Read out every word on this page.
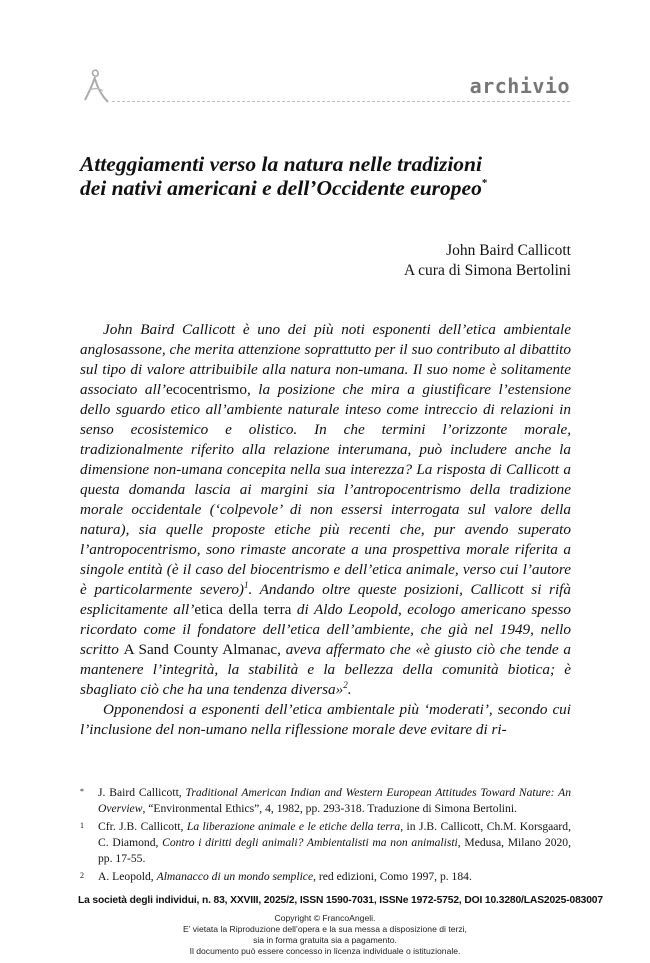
archivio
Atteggiamenti verso la natura nelle tradizioni
dei nativi americani e dell’Occidente europeo*
John Baird Callicott
A cura di Simona Bertolini

John Baird Callicott è uno dei più noti esponenti dell’etica ambientale anglosassone, che merita attenzione soprattutto per il suo contributo al dibattito sul tipo di valore attribuibile alla natura non-umana. Il suo nome è solitamente associato all’ecocentrismo, la posizione che mira a giustificare l’estensione dello sguardo etico all’ambiente naturale inteso come intreccio di relazioni in senso ecosistemico e olistico. In che termini l’orizzonte morale, tradizionalmente riferito alla relazione interumana, può includere anche la dimensione non-umana concepita nella sua interezza? La risposta di Callicott a questa domanda lascia ai margini sia l’antropocentrismo della tradizione morale occidentale (‘colpevole’ di non essersi interrogata sul valore della natura), sia quelle proposte etiche più recenti che, pur avendo superato l’antropocentrismo, sono rimaste ancorate a una prospettiva morale riferita a singole entità (è il caso del biocentrismo e dell’etica animale, verso cui l’autore è particolarmente severo)$^1$. Andando oltre queste posizioni, Callicott si rifà esplicitamente all’etica della terra di Aldo Leopold, ecologo americano spesso ricordato come il fondatore dell’etica dell’ambiente, che già nel 1949, nello scritto A Sand County Almanac, aveva affermato che «è giusto ciò che tende a mantenere l’integrità, la stabilità e la bellezza della comunità biotica; è sbagliato ciò che ha una tendenza diversa»$^2$.

Opponendosi a esponenti dell’etica ambientale più ‘moderati’, secondo cui l’inclusione del non-umano nella riflessione morale deve evitare di ri-

* J. Baird Callicott, Traditional American Indian and Western European Attitudes Toward Nature: An Overview, “Environmental Ethics”, 4, 1982, pp. 293-318. Traduzione di Simona Bertolini.
1 Cfr. J.B. Callicott, La liberazione animale e le etiche della terra, in J.B. Callicott, Ch.M. Korsgaard, C. Diamond, Contro i diritti degli animali? Ambientalisti ma non animalisti, Medusa, Milano 2020, pp. 17-55.
2 A. Leopold, Almanacco di un mondo semplice, red edizioni, Como 1997, p. 184.
La società degli individui, n. 83, XXVIII, 2025/2, ISSN 1590-7031, ISSNe 1972-5752, DOI 10.3280/LAS2025-083007
Copyright © FrancoAngeli.
E’ vietata la Riproduzione dell’opera e la sua messa a disposizione di terzi,
sia in forma gratuita sia a pagamento.
Il documento può essere concesso in licenza individuale o istituzionale.
